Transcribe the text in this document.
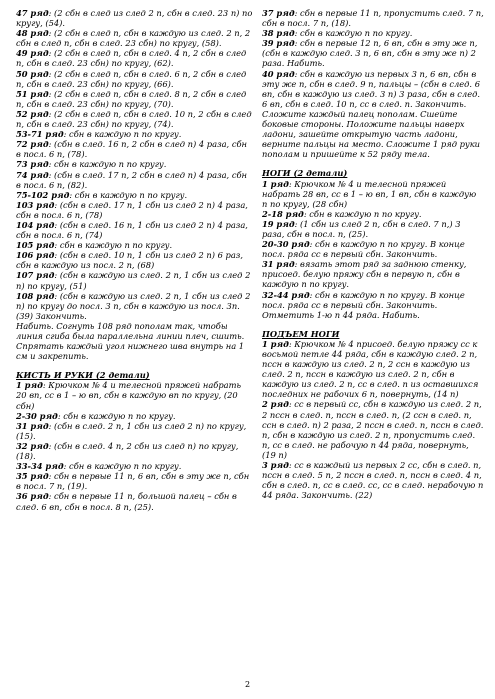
47 ряд: (2 сбн в след из след 2 п, сбн в след. 23 п) по кругу, (54).

48 ряд: (2 сбн в след п, сбн в каждую из след. 2 п, 2 сбн в след п, сбн в след. 23 сбн) по кругу, (58).

49 ряд: (2 сбн в след п, сбн в след. 4 п, 2 сбн в след п, сбн в след. 23 сбн) по кругу, (62).

50 ряд: (2 сбн в след п, сбн в след. 6 п, 2 сбн в след п, сбн в след. 23 сбн) по кругу, (66).

51 ряд: (2 сбн в след п, сбн в след. 8 п, 2 сбн в след п, сбн в след. 23 сбн) по кругу, (70).

52 ряд: (2 сбн в след п, сбн в след. 10 п, 2 сбн в след п, сбн в след. 23 сбн) по кругу, (74).

53-71 ряд: сбн в каждую п по кругу.

72 ряд: (сбн в след. 16 п, 2 сбн в след п) 4 раза, сбн в посл. 6 п, (78).

73 ряд: сбн в каждую п по кругу.

74 ряд: (сбн в след. 17 п, 2 сбн в след п) 4 раза, сбн в посл. 6 п, (82).

75-102 ряд: сбн в каждую п по кругу.

103 ряд: (сбн в след. 17 п, 1 сбн из след 2 п) 4 раза, сбн в посл. 6 п, (78)

104 ряд: (сбн в след. 16 п, 1 сбн из след 2 п) 4 раза, сбн в посл. 6 п, (74)

105 ряд: сбн в каждую п по кругу.

106 ряд: (сбн в след. 10 п, 1 сбн из след 2 п) 6 раз, сбн в каждую из посл. 2 п, (68)

107 ряд: (сбн в каждую из след. 2 п, 1 сбн из след 2 п) по кругу, (51)

108 ряд: (сбн в каждую из след. 2 п, 1 сбн из след 2 п) по кругу до посл. 3 п, сбн в каждую из посл. 3п. (39) Закончить.

Набить. Согнуть 108 ряд пополам так, чтобы линия сгиба была параллельна линии плеч, сшить. Спрятать каждый угол нижнего шва внутрь на 1 см и закрепить.

КИСТЬ И РУКИ (2 детали)

1 ряд: Крючком № 4 и телесной пряжей набрать 20 вп, сс в 1 – ю вп, сбн в каждую вп по кругу, (20 сбн)

2-30 ряд: сбн в каждую п по кругу.

31 ряд: (сбн в след. 2 п, 1 сбн из след 2 п) по кругу, (15).

32 ряд: (сбн в след. 4 п, 2 сбн из след п) по кругу, (18).

33-34 ряд: сбн в каждую п по кругу.

35 ряд: сбн в первые 11 п, 6 вп, сбн в эту же п, сбн в посл. 7 п, (19).

36 ряд: сбн в первые 11 п, большой палец – сбн в след. 6 вп, сбн в посл. 8 п, (25).

37 ряд: сбн в первые 11 п, пропустить след. 7 п, сбн в посл. 7 п, (18).

38 ряд: сбн в каждую п по кругу.

39 ряд: сбн в первые 12 п, 6 вп, сбн в эту же п, (сбн в каждую след. 3 п, 6 вп, сбн в эту же п) 2 раза. Набить.

40 ряд: сбн в каждую из первых 3 п, 6 вп, сбн в эту же п, сбн в след. 9 п, пальцы – (сбн в след. 6 вп, сбн в каждую из след. 3 п) 3 раза, сбн в след. 6 вп, сбн в след. 10 п, сс в след. п. Закончить.

Сложите каждый палец пополам. Сшейте боковые стороны. Положите пальцы наверх ладони, зашейте открытую часть ладони, верните пальцы на место. Сложите 1 ряд руки пополам и пришейте к 52 ряду тела.

НОГИ (2 детали)

1 ряд: Крючком № 4 и телесной пряжей набрать 28 вп, сс в 1 – ю вп, 1 вп, сбн в каждую п по кругу, (28 сбн)

2-18 ряд: сбн в каждую п по кругу.

19 ряд: (1 сбн из след 2 п, сбн в след. 7 п,) 3 раза, сбн в посл. п, (25).

20-30 ряд: сбн в каждую п по кругу. В конце посл. ряда сс в первый сбн. Закончить.

31 ряд: вязать этот ряд за заднюю стенку, присоед. белую пряжу сбн в первую п, сбн в каждую п по кругу.

32-44 ряд: сбн в каждую п по кругу. В конце посл. ряда сс в первый сбн. Закончить. Отметить 1-ю п 44 ряда. Набить.

ПОДЪЕМ НОГИ

1 ряд: Крючком № 4 присоед. белую пряжу сс к восьмой петле 44 ряда, сбн в каждую след. 2 п, псcн в каждую из след. 2 п, 2 ссн в каждую из след. 2 п, псcн в каждую из след. 2 п, сбн в каждую из след. 2 п, сс в след. п из оставшихся последних не рабочих 6 п, повернуть, (14 п)

2 ряд: сс в первый сс, сбн в каждую из след. 2 п, 2 псcн в след. п, псcн в след. п, (2 ссн в след. п, ссн в след. п) 2 раза, 2 псcн в след. п, псcн в след. п, сбн в каждую из след. 2 п, пропустить след. п, сс в след. не рабочую п 44 ряда, повернуть, (19 п)

3 ряд: сс в каждый из первых 2 сс, сбн в след. п, псcн в след. 5 п, 2 псcн в след. п, псcн в след. 4 п, сбн в след. п, сс в след. сс, сс в след. нерабочую п 44 ряда. Закончить. (22)

2
